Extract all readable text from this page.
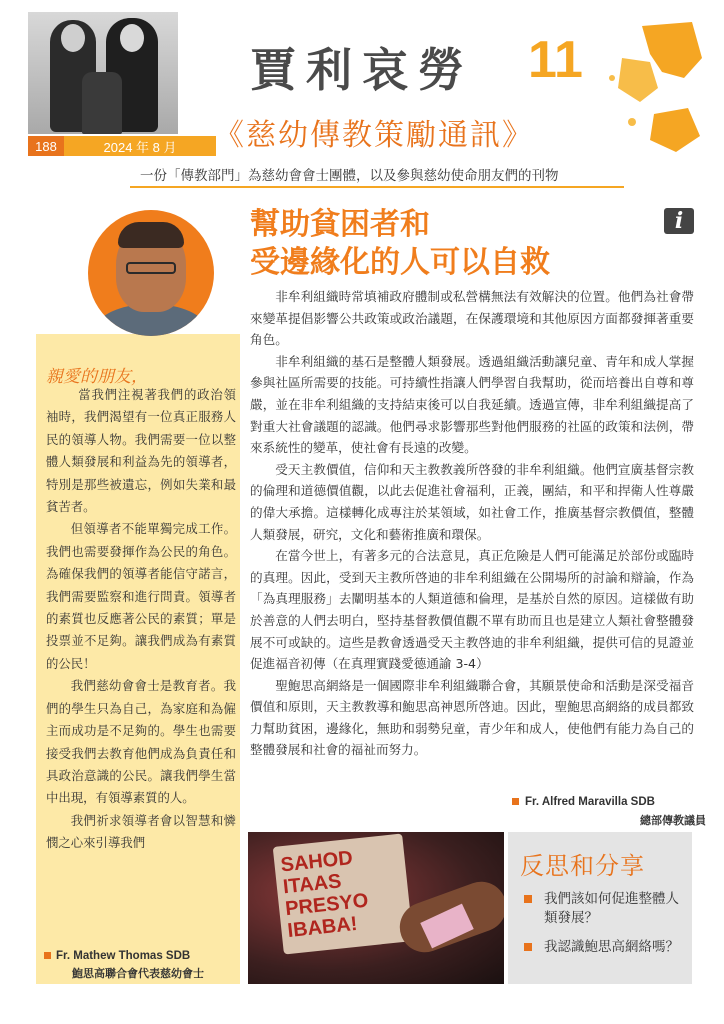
188	2024 年 8 月
賈利哀勞 11
《慈幼傳教策勵通訊》
一份「傳教部門」為慈幼會會士團體，以及參與慈幼使命朋友們的刊物
親愛的朋友，

當我們注視著我們的政治領袖時，我們渴望有一位真正服務人民的領導人物。我們需要一位以整體人類發展和利益為先的領導者，特別是那些被遺忘，例如失業和最貧苦者。

但領導者不能單獨完成工作。我們也需要發揮作為公民的角色。為確保我們的領導者能信守諾言，我們需要監察和進行問責。領導者的素質也反應著公民的素質；單是投票並不足夠。讓我們成為有素質的公民！

我們慈幼會會士是教育者。我們的學生只為自己，為家庭和為僱主而成功是不足夠的。學生也需要接受我們去教育他們成為負責任和具政治意識的公民。讓我們學生當中出現，有領導素質的人。

我們祈求領導者會以智慧和憐憫之心來引導我們

Fr. Mathew Thomas SDB
鮑思高聯合會代表慈幼會士
幫助貧困者和
受邊緣化的人可以自救
i

非牟利組織時常填補政府體制或私營構無法有效解決的位置。他們為社會帶來變革提倡影響公共政策或政治議題，在保護環境和其他原因方面都發揮著重要角色。

非牟利組織的基石是整體人類發展。透過組織活動讓兒童、青年和成人掌握參與社區所需要的技能。可持續性指讓人們學習自我幫助，從而培養出自尊和尊嚴，並在非牟利組織的支持結束後可以自我延續。透過宣傳，非牟利組織提高了對重大社會議題的認識。他們尋求影響那些對他們服務的社區的政策和法例，帶來系統性的變革，使社會有長遠的改變。

受天主教價值，信仰和天主教教義所啓發的非牟利組織。他們宣廣基督宗教的倫理和道德價值觀，以此去促進社會福利，正義，團結，和平和捍衛人性尊嚴的偉大承擔。這樣轉化成專注於某領域，如社會工作，推廣基督宗教價值，整體人類發展，研究，文化和藝術推廣和環保。

在當今世上，有著多元的合法意見，真正危險是人們可能滿足於部份或臨時的真理。因此，受到天主教所啓迪的非牟利組織在公開場所的討論和辯論，作為「為真理服務」去闡明基本的人類道德和倫理，是基於自然的原因。這樣做有助於善意的人們去明白，堅持基督教價值觀不單有助而且也是建立人類社會整體發展不可或缺的。這些是教會透過受天主教啓迪的非牟利組織，提供可信的見證並促進福音初傳（在真理實踐愛德通諭 3-4）

聖鮑思高網絡是一個國際非牟利組織聯合會，其願景使命和活動是深受福音價值和原則，天主教教導和鮑思高神恩所啓迪。因此，聖鮑思高網絡的成員都致力幫助貧困，邊緣化，無助和弱勢兒童，青少年和成人，使他們有能力為自己的整體發展和社會的福祉而努力。

Fr. Alfred Maravilla SDB
總部傳教議員
SAHOD
ITAAS
PRESYO
IBABA!
反思和分享
我們該如何促進整體人類發展？
我認識鮑思高網絡嗎？
